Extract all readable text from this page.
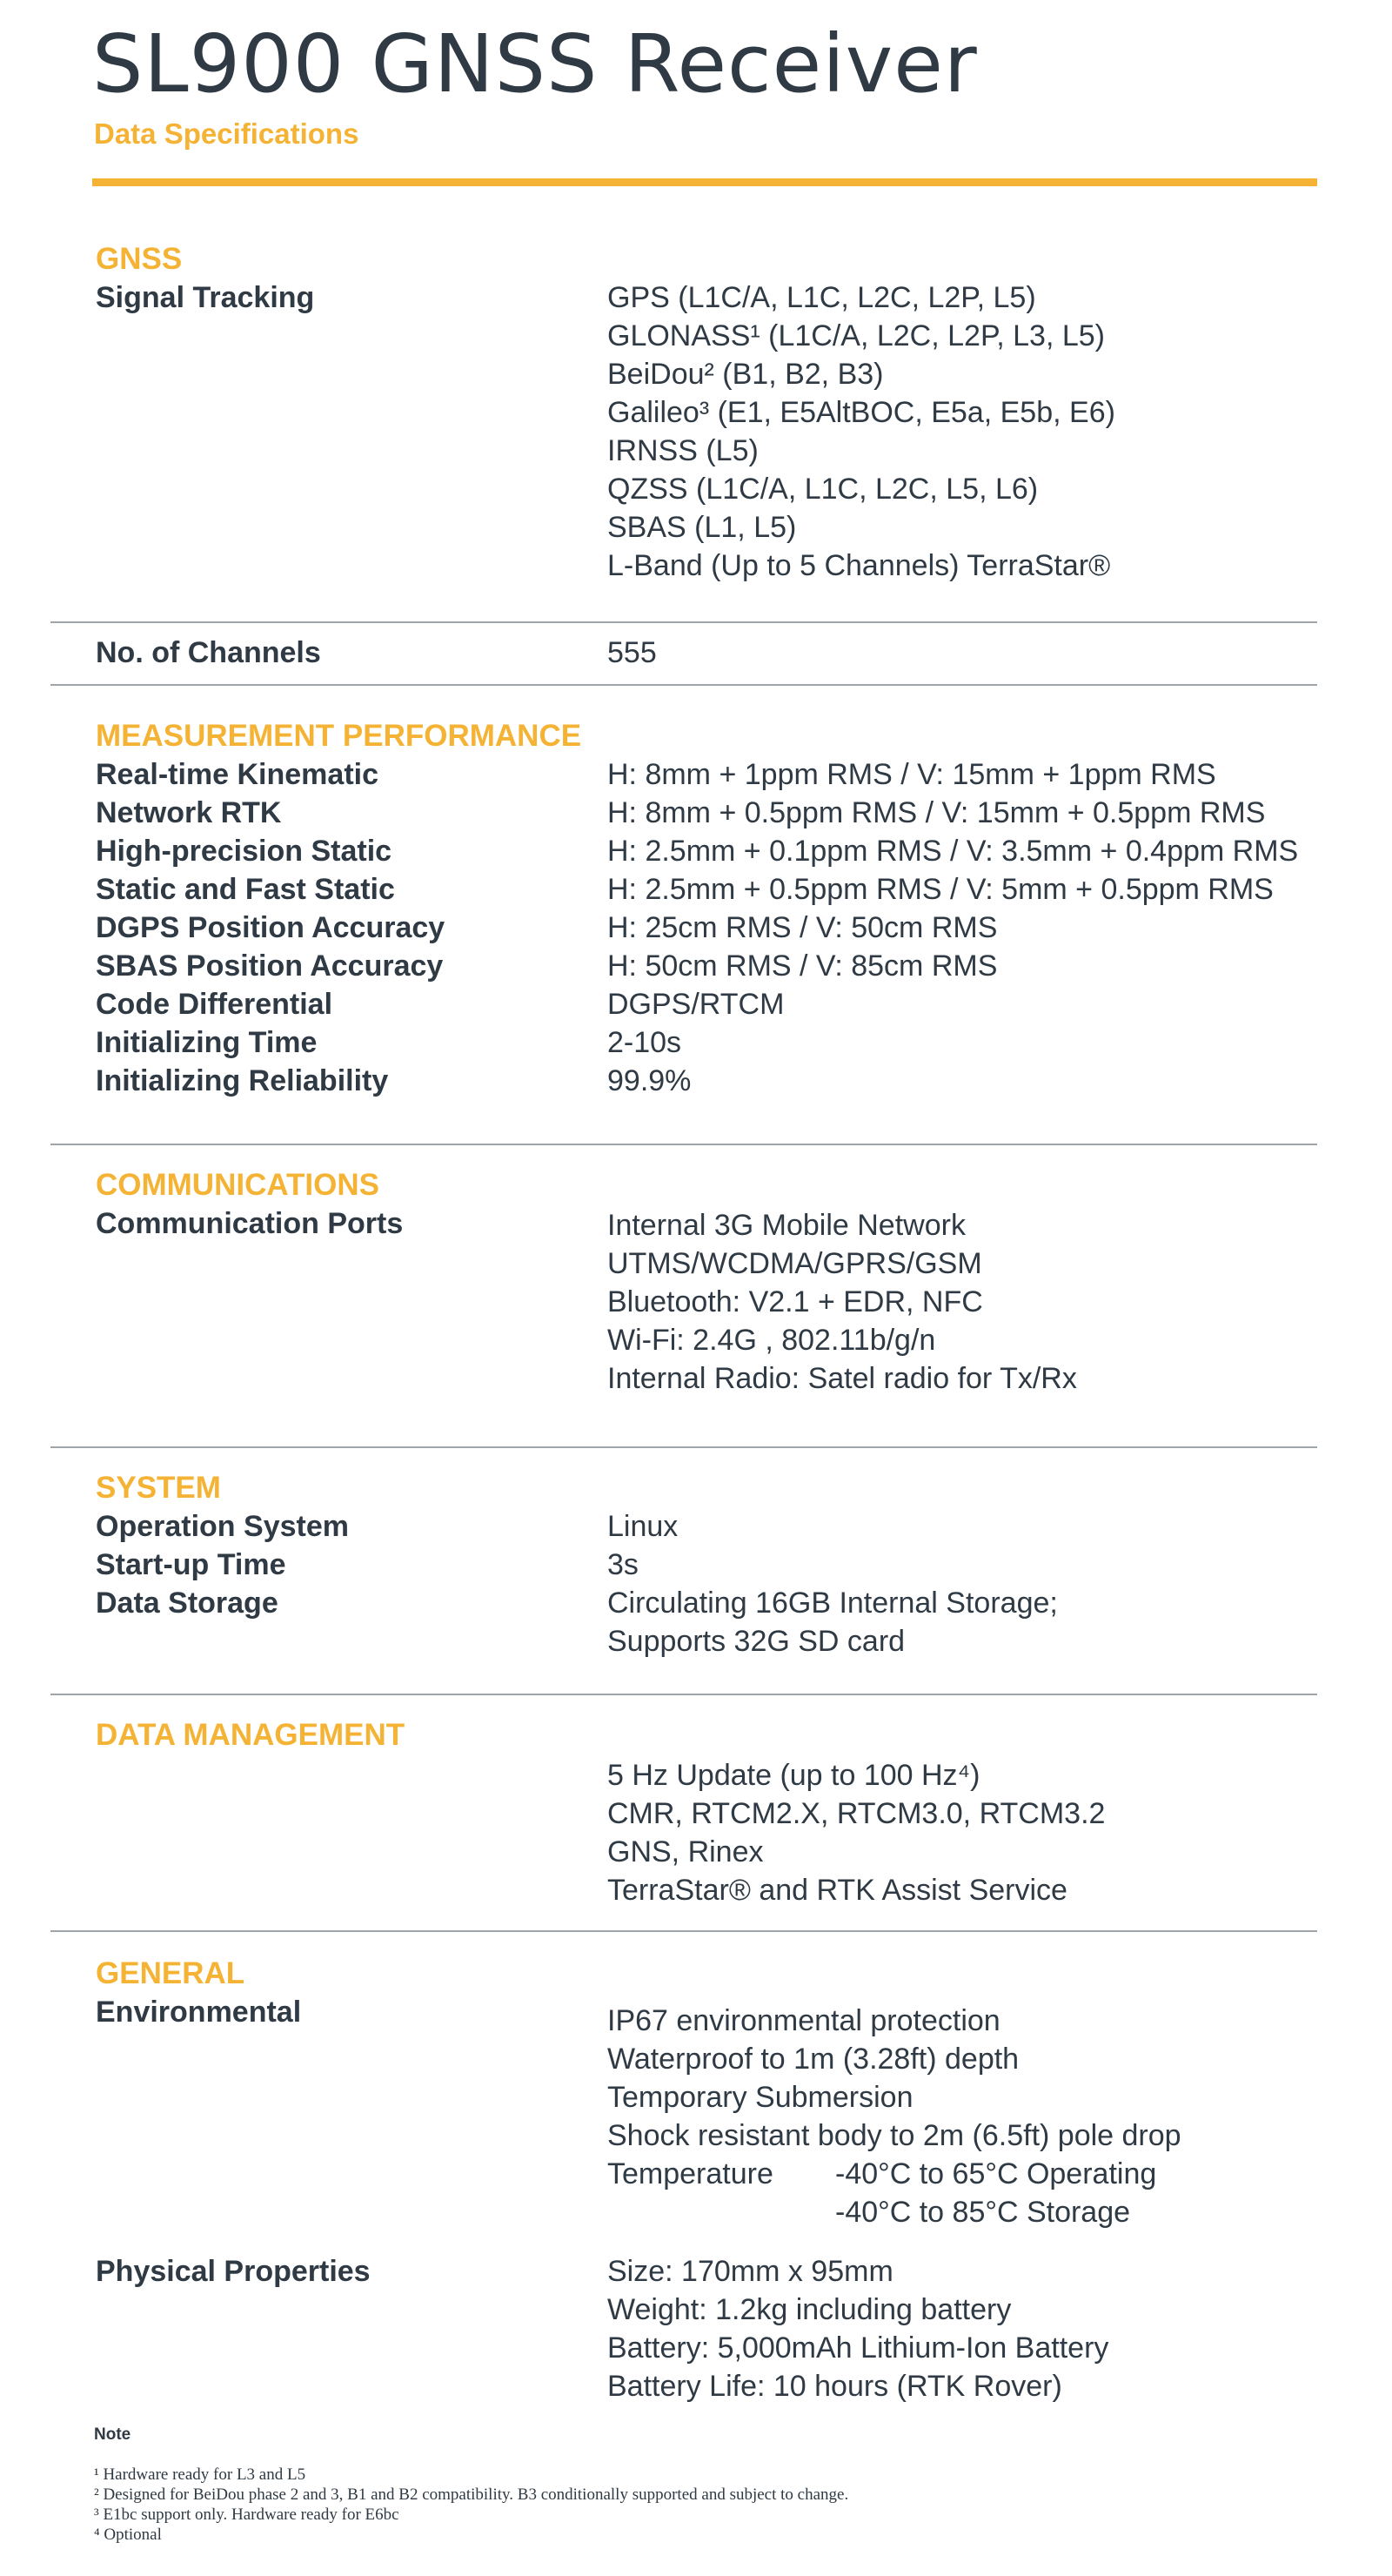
SL900 GNSS Receiver
Data Specifications
GNSS
Signal Tracking	GPS (L1C/A, L1C, L2C, L2P, L5)
GLONASS¹ (L1C/A, L2C, L2P, L3, L5)
BeiDou² (B1, B2, B3)
Galileo³ (E1, E5AltBOC, E5a, E5b, E6)
IRNSS (L5)
QZSS (L1C/A, L1C, L2C, L5, L6)
SBAS (L1, L5)
L-Band (Up to 5 Channels) TerraStar®
No. of Channels	555
MEASUREMENT PERFORMANCE
Real-time Kinematic	H: 8mm + 1ppm RMS / V: 15mm + 1ppm RMS
Network RTK	H: 8mm + 0.5ppm RMS / V: 15mm + 0.5ppm RMS
High-precision Static	H: 2.5mm + 0.1ppm RMS / V: 3.5mm + 0.4ppm RMS
Static and Fast Static	H: 2.5mm + 0.5ppm RMS / V: 5mm + 0.5ppm RMS
DGPS Position Accuracy	H: 25cm RMS / V: 50cm RMS
SBAS Position Accuracy	H: 50cm RMS / V: 85cm RMS
Code Differential	DGPS/RTCM
Initializing Time	2-10s
Initializing Reliability	99.9%
COMMUNICATIONS
Communication Ports	Internal 3G Mobile Network
UTMS/WCDMA/GPRS/GSM
Bluetooth: V2.1 + EDR, NFC
Wi-Fi: 2.4G , 802.11b/g/n
Internal Radio: Satel radio for Tx/Rx
SYSTEM
Operation System	Linux
Start-up Time	3s
Data Storage	Circulating 16GB Internal Storage;
Supports 32G SD card
DATA MANAGEMENT
5 Hz Update (up to 100 Hz⁴)
CMR, RTCM2.X, RTCM3.0, RTCM3.2
GNS, Rinex
TerraStar® and RTK Assist Service
GENERAL
Environmental	IP67 environmental protection
Waterproof to 1m (3.28ft) depth
Temporary Submersion
Shock resistant body to 2m (6.5ft) pole drop
Temperature -40°C to 65°C Operating
-40°C to 85°C Storage
Physical Properties	Size: 170mm x 95mm
Weight: 1.2kg including battery
Battery: 5,000mAh Lithium-Ion Battery
Battery Life: 10 hours (RTK Rover)
Note
¹ Hardware ready for L3 and L5
² Designed for BeiDou phase 2 and 3, B1 and B2 compatibility. B3 conditionally supported and subject to change.
³ E1bc support only. Hardware ready for E6bc
⁴ Optional
